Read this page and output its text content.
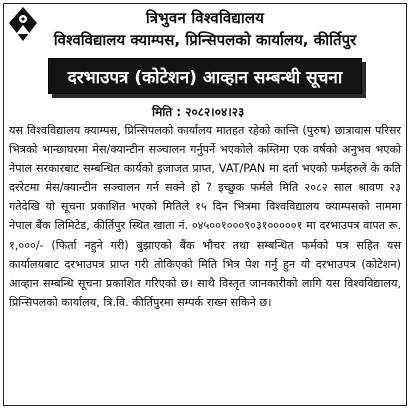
त्रिभुवन विश्वविद्यालय
विश्वविद्यालय क्याम्पस, प्रिन्सिपलको कार्यालय, कीर्तिपुर
दरभाउपत्र (कोटेशन) आव्हान सम्बन्धी सूचना
मिति : २०८२।०४।२३
यस विश्वविद्यालय क्याम्पस, प्रिन्सिपलको कार्यालय मातहत रहेको कान्ति (पुरुष) छात्रावास परिसर भित्रको भान्छाघरमा मेस/क्यान्टीन सञ्चालन गर्नुपर्ने भएकोले कम्तिमा एक वर्षको अनुभव भएको नेपाल सरकारबाट सम्बन्धित कार्यको इजाजत प्राप्त, VAT/PAN मा दर्ता भएको फर्महरुले के कति दररेटमा मेस/क्यान्टीन सञ्चालन गर्न सक्ने हो ? इच्छुक फर्मले मिति २०८२ साल श्रावण २३ गतेदेखि यो सूचना प्रकाशित भएको मितिले १५ दिन भित्रमा विश्वविद्यालय क्याम्पसको नाममा नेपाल बैंक लिमिटेड, कीर्तिपुर स्थित खाता नं. ०४५००१०००९०३१०००००१ मा दरभाउपत्र वापत रू. १,०००/- (फिर्ता नहुने गरी) बुझाएको बैंक भौचर तथा सम्बन्धित फर्मको पत्र सहित यस कार्यालयबाट दरभाउपत्र प्राप्त गरी तोकिएको मिति भित्र पेश गर्नु हुन यो दरभाउपत्र (कोटेशन) आव्हान सम्बन्धि सूचना प्रकाशित गरिएको छ। साथै विस्तृत जानकारीको लागि यस विश्वविद्यालय, प्रिन्सिपलको कार्यालय, त्रि.वि. कीर्तिपुरमा सम्पर्क राख्न सकिने छ।
